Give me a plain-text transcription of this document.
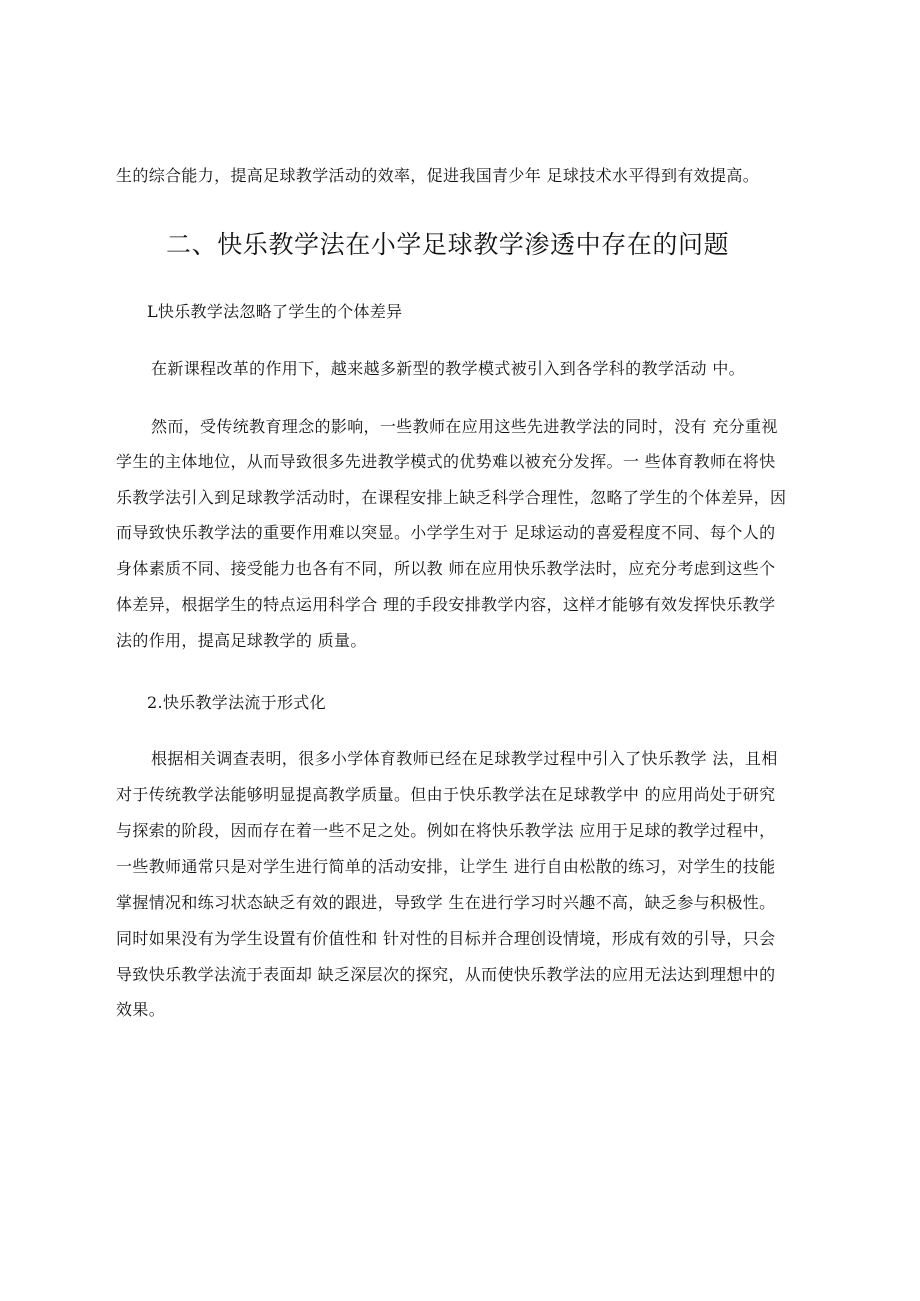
生的综合能力，提高足球教学活动的效率，促进我国青少年 足球技术水平得到有效提高。
二、快乐教学法在小学足球教学渗透中存在的问题
L快乐教学法忽略了学生的个体差异
在新课程改革的作用下，越来越多新型的教学模式被引入到各学科的教学活动 中。
然而，受传统教育理念的影响，一些教师在应用这些先进教学法的同时，没有 充分重视
学生的主体地位，从而导致很多先进教学模式的优势难以被充分发挥。一 些体育教师在将快
乐教学法引入到足球教学活动时，在课程安排上缺乏科学合理性，忽略了学生的个体差异，因
而导致快乐教学法的重要作用难以突显。小学学生对于 足球运动的喜爱程度不同、每个人的
身体素质不同、接受能力也各有不同，所以教 师在应用快乐教学法时，应充分考虑到这些个
体差异，根据学生的特点运用科学合 理的手段安排教学内容，这样才能够有效发挥快乐教学
法的作用，提高足球教学的 质量。
2.快乐教学法流于形式化
根据相关调查表明，很多小学体育教师已经在足球教学过程中引入了快乐教学 法，且相
对于传统教学法能够明显提高教学质量。但由于快乐教学法在足球教学中 的应用尚处于研究
与探索的阶段，因而存在着一些不足之处。例如在将快乐教学法 应用于足球的教学过程中，
一些教师通常只是对学生进行简单的活动安排，让学生 进行自由松散的练习，对学生的技能
掌握情况和练习状态缺乏有效的跟进，导致学 生在进行学习时兴趣不高，缺乏参与积极性。
同时如果没有为学生设置有价值性和 针对性的目标并合理创设情境，形成有效的引导，只会
导致快乐教学法流于表面却 缺乏深层次的探究，从而使快乐教学法的应用无法达到理想中的
效果。
